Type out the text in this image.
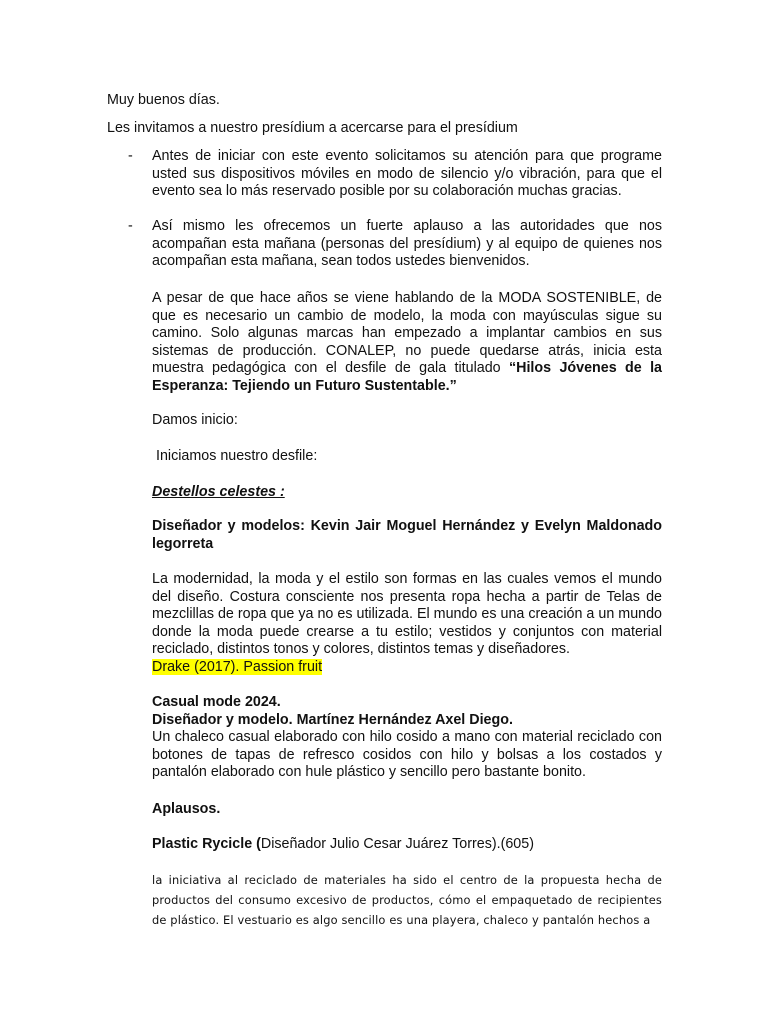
Muy buenos días.

Les invitamos a nuestro presídium a acercarse para el presídium

- Antes de iniciar con este evento solicitamos su atención para que programe usted sus dispositivos móviles en modo de silencio y/o vibración, para que el evento sea lo más reservado posible por su colaboración muchas gracias.

- Así mismo les ofrecemos un fuerte aplauso a las autoridades que nos acompañan esta mañana (personas del presídium) y al equipo de quienes nos acompañan esta mañana, sean todos ustedes bienvenidos.

A pesar de que hace años se viene hablando de la MODA SOSTENIBLE, de que es necesario un cambio de modelo, la moda con mayúsculas sigue su camino. Solo algunas marcas han empezado a implantar cambios en sus sistemas de producción. CONALEP, no puede quedarse atrás, inicia esta muestra pedagógica con el desfile de gala titulado “Hilos Jóvenes de la Esperanza: Tejiendo un Futuro Sustentable.”

Damos inicio:

Iniciamos nuestro desfile:

Destellos celestes :

Diseñador y modelos: Kevin Jair Moguel Hernández y Evelyn Maldonado legorreta

La modernidad, la moda y el estilo son formas en las cuales vemos el mundo del diseño. Costura consciente nos presenta ropa hecha a partir de Telas de mezclillas de ropa que ya no es utilizada. El mundo es una creación a un mundo donde la moda puede crearse a tu estilo; vestidos y conjuntos con material reciclado, distintos tonos y colores, distintos temas y diseñadores.

Drake (2017). Passion fruit

Casual mode 2024.

Diseñador y modelo. Martínez Hernández Axel Diego.

Un chaleco casual elaborado con hilo cosido a mano con material reciclado con botones de tapas de refresco cosidos con hilo y bolsas a los costados y pantalón elaborado con hule plástico y sencillo pero bastante bonito.

Aplausos.

Plastic Rycicle (Diseñador Julio Cesar Juárez Torres).(605)

la iniciativa al reciclado de materiales ha sido el centro de la propuesta hecha de productos del consumo excesivo de productos, cómo el empaquetado de recipientes de plástico. El vestuario es algo sencillo es una playera, chaleco y pantalón hechos a
